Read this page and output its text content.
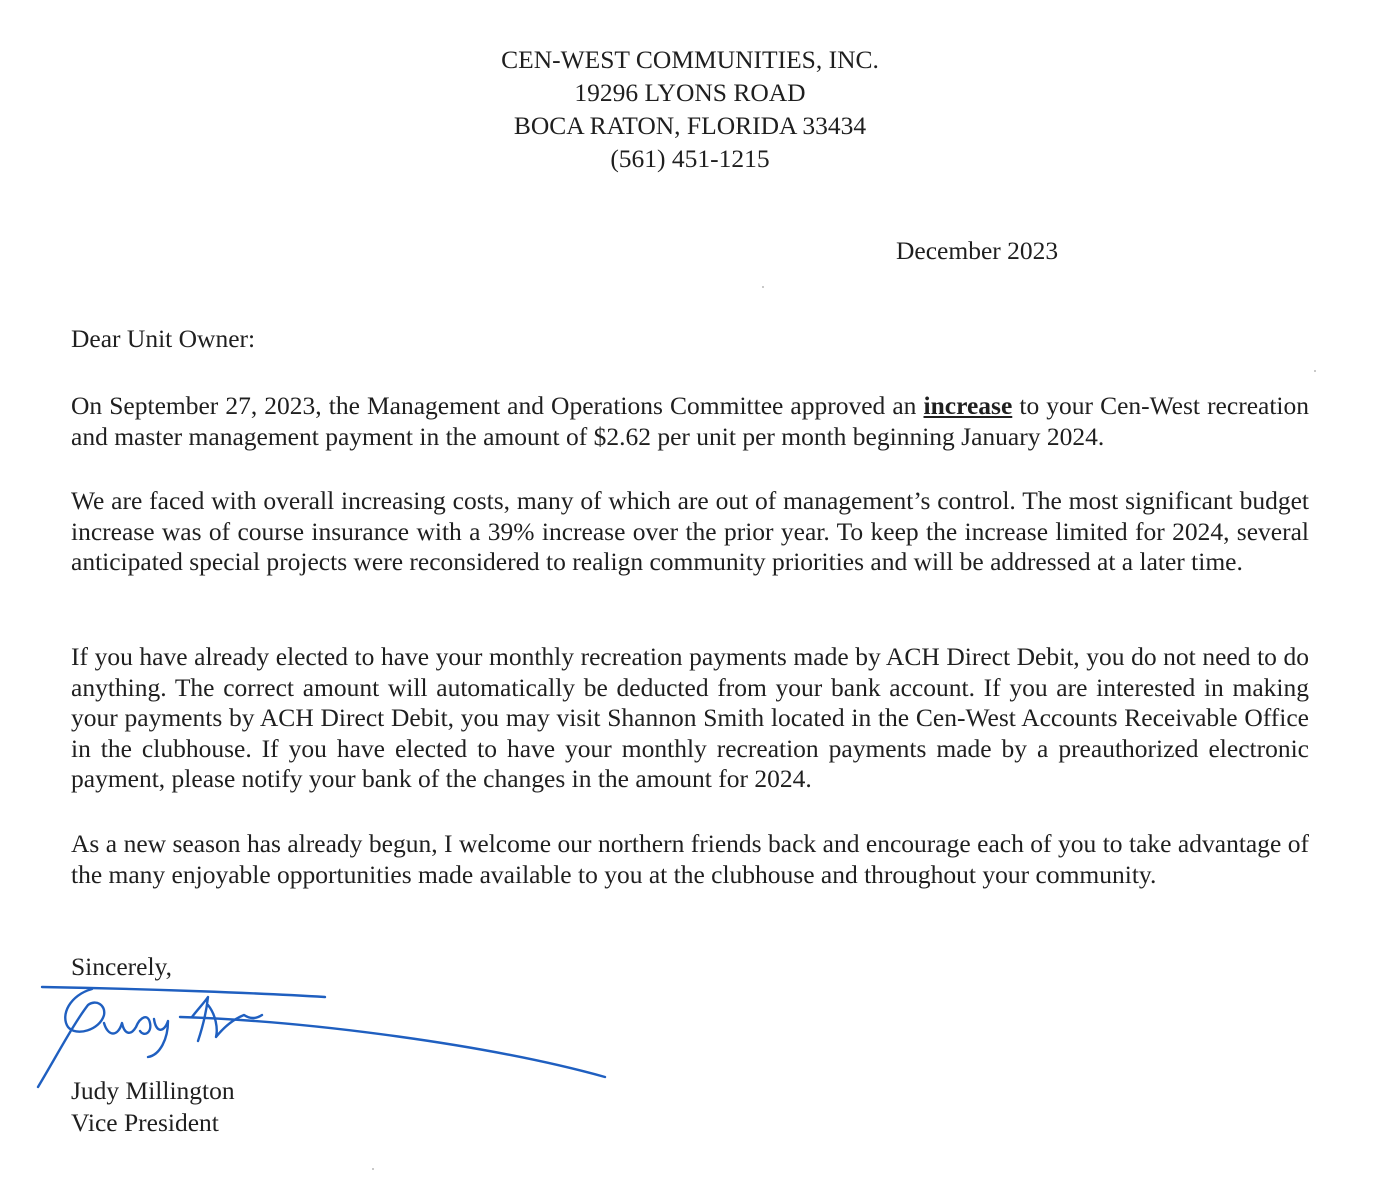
CEN-WEST COMMUNITIES, INC.
19296 LYONS ROAD
BOCA RATON, FLORIDA 33434
(561) 451-1215
December 2023
Dear Unit Owner:
On September 27, 2023, the Management and Operations Committee approved an increase to your Cen-West recreation and master management payment in the amount of $2.62 per unit per month beginning January 2024.
We are faced with overall increasing costs, many of which are out of management’s control. The most significant budget increase was of course insurance with a 39% increase over the prior year. To keep the increase limited for 2024, several anticipated special projects were reconsidered to realign community priorities and will be addressed at a later time.
If you have already elected to have your monthly recreation payments made by ACH Direct Debit, you do not need to do anything. The correct amount will automatically be deducted from your bank account. If you are interested in making your payments by ACH Direct Debit, you may visit Shannon Smith located in the Cen-West Accounts Receivable Office in the clubhouse. If you have elected to have your monthly recreation payments made by a preauthorized electronic payment, please notify your bank of the changes in the amount for 2024.
As a new season has already begun, I welcome our northern friends back and encourage each of you to take advantage of the many enjoyable opportunities made available to you at the clubhouse and throughout your community.
Sincerely,
Judy Millington
Vice President
